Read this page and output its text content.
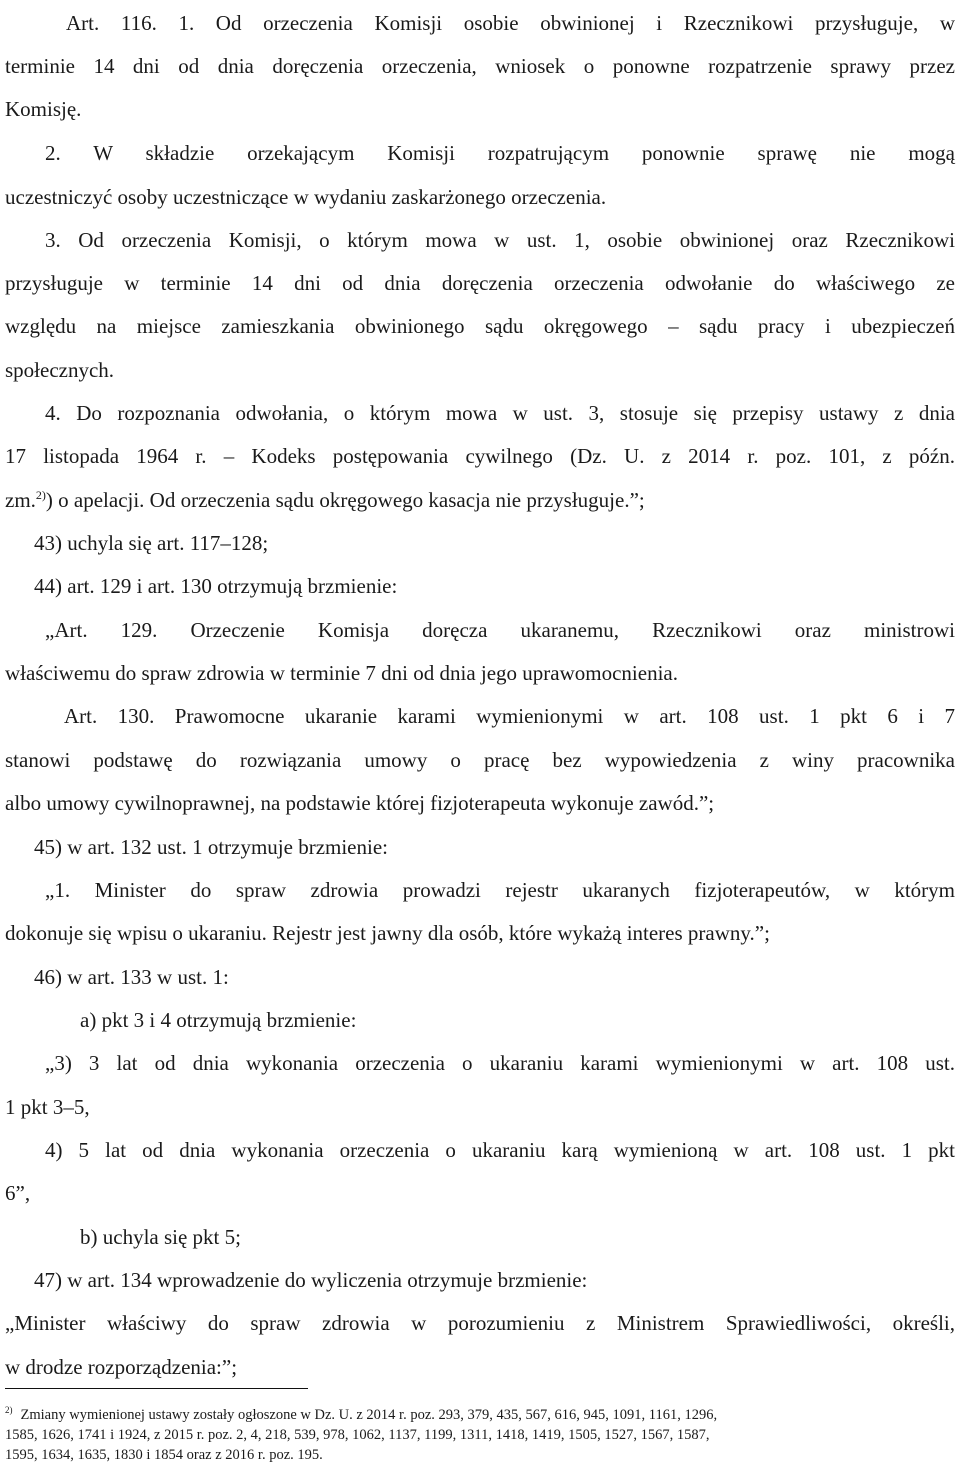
Art. 116. 1. Od orzeczenia Komisji osobie obwinionej i Rzecznikowi przysługuje, w
terminie 14 dni od dnia doręczenia orzeczenia, wniosek o ponowne rozpatrzenie sprawy przez
Komisję.
2. W składzie orzekającym Komisji rozpatrującym ponownie sprawę nie mogą
uczestniczyć osoby uczestniczące w wydaniu zaskarżonego orzeczenia.
3. Od orzeczenia Komisji, o którym mowa w ust. 1, osobie obwinionej oraz Rzecznikowi
przysługuje w terminie 14 dni od dnia doręczenia orzeczenia odwołanie do właściwego ze
względu na miejsce zamieszkania obwinionego sądu okręgowego – sądu pracy i ubezpieczeń
społecznych.
4. Do rozpoznania odwołania, o którym mowa w ust. 3, stosuje się przepisy ustawy z dnia
17 listopada 1964 r. – Kodeks postępowania cywilnego (Dz. U. z 2014 r. poz. 101, z późn.
zm.$^{2)}$) o apelacji. Od orzeczenia sądu okręgowego kasacja nie przysługuje.”;
43) uchyla się art. 117–128;
44) art. 129 i art. 130 otrzymują brzmienie:
„Art. 129. Orzeczenie Komisja doręcza ukaranemu, Rzecznikowi oraz ministrowi
właściwemu do spraw zdrowia w terminie 7 dni od dnia jego uprawomocnienia.
Art. 130. Prawomocne ukaranie karami wymienionymi w art. 108 ust. 1 pkt 6 i 7
stanowi podstawę do rozwiązania umowy o pracę bez wypowiedzenia z winy pracownika
albo umowy cywilnoprawnej, na podstawie której fizjoterapeuta wykonuje zawód.”;
45) w art. 132 ust. 1 otrzymuje brzmienie:
„1. Minister do spraw zdrowia prowadzi rejestr ukaranych fizjoterapeutów, w którym
dokonuje się wpisu o ukaraniu. Rejestr jest jawny dla osób, które wykażą interes prawny.”;
46) w art. 133 w ust. 1:
a) pkt 3 i 4 otrzymują brzmienie:
„3) 3 lat od dnia wykonania orzeczenia o ukaraniu karami wymienionymi w art. 108 ust.
1 pkt 3–5,
4) 5 lat od dnia wykonania orzeczenia o ukaraniu karą wymienioną w art. 108 ust. 1 pkt
6”,
b) uchyla się pkt 5;
47) w art. 134 wprowadzenie do wyliczenia otrzymuje brzmienie:
„Minister właściwy do spraw zdrowia w porozumieniu z Ministrem Sprawiedliwości, określi,
w drodze rozporządzenia:”;
$^{2)}$ Zmiany wymienionej ustawy zostały ogłoszone w Dz. U. z 2014 r. poz. 293, 379, 435, 567, 616, 945, 1091, 1161, 1296,
1585, 1626, 1741 i 1924, z 2015 r. poz. 2, 4, 218, 539, 978, 1062, 1137, 1199, 1311, 1418, 1419, 1505, 1527, 1567, 1587,
1595, 1634, 1635, 1830 i 1854 oraz z 2016 r. poz. 195.
